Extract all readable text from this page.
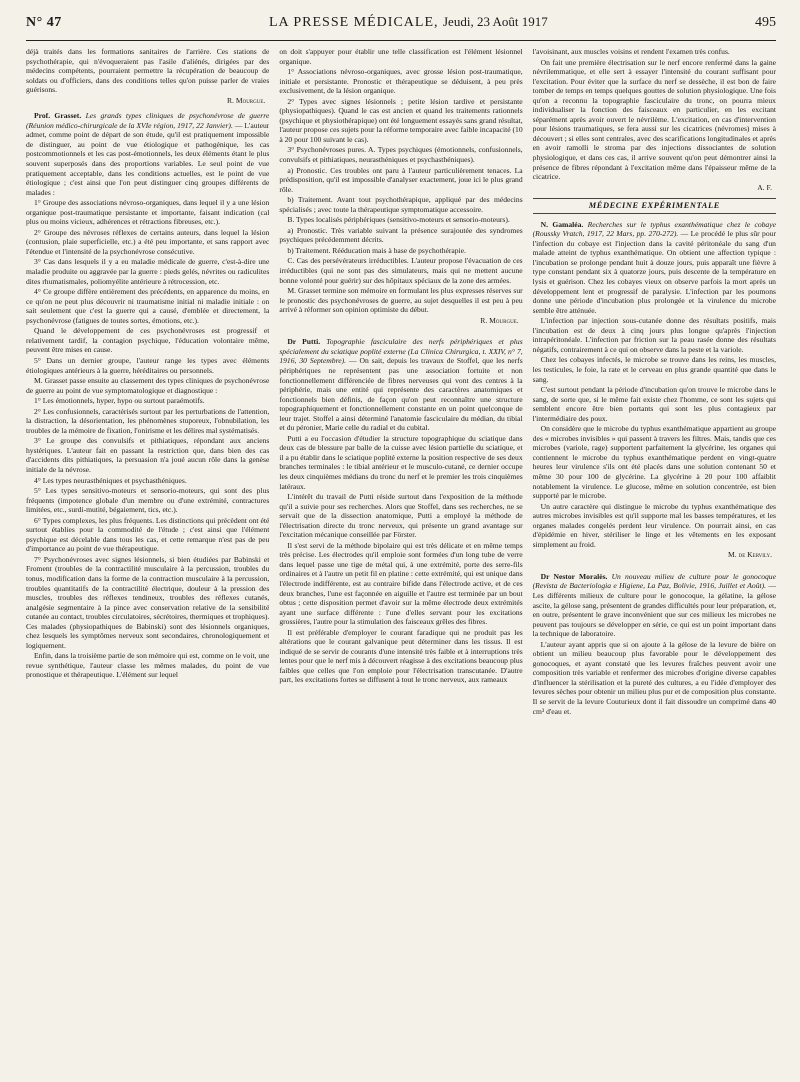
N° 47	LA PRESSE MÉDICALE, Jeudi, 23 Août 1917	495

déjà traités dans les formations sanitaires de l'arrière. Ces stations de psychothérapie, qui n'évoqueraient pas l'asile d'aliénés, dirigées par des médecins compétents, pourraient permettre la récupération de beaucoup de soldats ou d'officiers, dans des conditions telles qu'on puisse parler de vraies guérisons.

R. Mourgue.

Prof. Grasset. Les grands types cliniques de psychonévrose de guerre (Réunion médico-chirurgicale de la XVIe région, 1917, 22 Janvier). — L'auteur admet, comme point de départ de son étude, qu'il est pratiquement impossible de distinguer, au point de vue étiologique et pathogénique, les cas postcommotionnels et les cas post-émotionnels, les deux éléments étant le plus souvent superposés dans des proportions variables. Le seul point de vue pratiquement acceptable, dans les conditions actuelles, est le point de vue étiologique ; c'est ainsi que l'on peut distinguer cinq groupes différents de malades :

1° Groupe des associations névroso-organiques, dans lequel il y a une lésion organique post-traumatique persistante et importante, faisant indication (cal plus ou moins vicieux, adhérences et rétractions fibreuses, etc.).

2° Groupe des névroses réflexes de certains auteurs, dans lequel la lésion (contusion, plaie superficielle, etc.) a été peu importante, et sans rapport avec l'étendue et l'intensité de la psychonévrose consécutive.

3° Cas dans lesquels il y a eu maladie médicale de guerre, c'est-à-dire une maladie produite ou aggravée par la guerre : pieds gelés, névrites ou radiculites dites rhumatismales, poliomyélite antérieure à rétrocession, etc.

4° Ce groupe diffère entièrement des précédents, en apparence du moins, en ce qu'on ne peut plus découvrir ni traumatisme initial ni maladie initiale : on sait seulement que c'est la guerre qui a causé, d'emblée et directement, la psychonévrose (fatigues de toutes sortes, émotions, etc.).

Quand le développement de ces psychonévroses est progressif et relativement tardif, la contagion psychique, l'éducation volontaire même, peuvent être mises en cause.

5° Dans un dernier groupe, l'auteur range les types avec éléments étiologiques antérieurs à la guerre, héréditaires ou personnels.

M. Grasset passe ensuite au classement des types cliniques de psychonévrose de guerre au point de vue symptomatologique et diagnostique :

1° Les émotionnels, hyper, hypo ou surtout paraémotifs.

2° Les confusionnels, caractérisés surtout par les perturbations de l'attention, la distraction, la désorientation, les phénomènes stuporeux, l'obnubilation, les troubles de la mémoire de fixation, l'onirisme et les délires mal systématisés.

3° Le groupe des convulsifs et pithiatiques, répondant aux anciens hystériques. L'auteur fait en passant la restriction que, dans bien des cas d'accidents dits pithiatiques, la persuasion n'a joué aucun rôle dans la genèse initiale de la névrose.

4° Les types neurasthéniques et psychasthéniques.

5° Les types sensitivo-moteurs et sensorio-moteurs, qui sont des plus fréquents (impotence globale d'un membre ou d'une extrémité, contractures limitées, etc., surdi-mutité, bégaiement, tics, etc.).

6° Types complexes, les plus fréquents. Les distinctions qui précèdent ont été surtout établies pour la commodité de l'étude ; c'est ainsi que l'élément psychique est décelable dans tous les cas, et cette remarque n'est pas de peu d'importance au point de vue thérapeutique.

7° Psychonévroses avec signes lésionnels, si bien étudiées par Babinski et Froment (troubles de la contractilité musculaire à la percussion, troubles du tonus, modification dans la forme de la contraction musculaire à la percussion, troubles quantitatifs de la contractilité électrique, douleur à la pression des muscles, troubles des réflexes tendineux, troubles des réflexes cutanés, analgésie segmentaire à la pince avec conservation relative de la sensibilité cutanée au contact, troubles circulatoires, sécrétoires, thermiques et trophiques). Ces malades (physiopathiques de Babinski) sont des lésionnels organiques, chez lesquels les symptômes nerveux sont secondaires, chronologiquement et logiquement.

Enfin, dans la troisième partie de son mémoire qui est, comme on le voit, une revue synthétique, l'auteur classe les mêmes malades, du point de vue pronostique et thérapeutique. L'élément sur lequel

on doit s'appuyer pour établir une telle classification est l'élément lésionnel organique.

1° Associations névroso-organiques, avec grosse lésion post-traumatique, initiale et persistante. Pronostic et thérapeutique se déduisent, à peu près exclusivement, de la lésion organique.

2° Types avec signes lésionnels ; petite lésion tardive et persistante (physiopathiques). Quand le cas est ancien et quand les traitements rationnels (psychique et physiothérapique) ont été longuement essayés sans grand résultat, l'auteur propose ces sujets pour la réforme temporaire avec faible incapacité (10 à 20 pour 100 suivant le cas).

3° Psychonévroses pures. A. Types psychiques (émotionnels, confusionnels, convulsifs et pithiatiques, neurasthéniques et psychasthéniques).

a) Pronostic. Ces troubles ont paru à l'auteur particulièrement tenaces. La prédisposition, qu'il est impossible d'analyser exactement, joue ici le plus grand rôle.

b) Traitement. Avant tout psychothérapique, appliqué par des médecins spécialisés ; avec toute la thérapeutique symptomatique accessoire.

B. Types localisés périphériques (sensitivo-moteurs et sensorio-moteurs).

a) Pronostic. Très variable suivant la présence surajoutée des syndromes psychiques précédemment décrits.

b) Traitement. Rééducation mais à base de psychothérapie.

C. Cas des persévérateurs irréductibles. L'auteur propose l'évacuation de ces irréductibles (qui ne sont pas des simulateurs, mais qui ne mettent aucune bonne volonté pour guérir) sur des hôpitaux spéciaux de la zone des armées.

M. Grasset termine son mémoire en formulant les plus expresses réserves sur le pronostic des psychonévroses de guerre, au sujet desquelles il est peu à peu arrivé à réformer son opinion optimiste du début.

R. Mourgue.

Dr Putti. Topographie fasciculaire des nerfs périphériques et plus spécialement du sciatique poplité externe (La Clinica Chirurgica, t. XXIV, n° 7, 1916, 30 Septembre). — On sait, depuis les travaux de Stoffel, que les nerfs périphériques ne représentent pas une association fortuite et non fonctionnellement différenciée de fibres nerveuses qui vont des centres à la périphérie, mais une entité qui représente des caractères anatomiques et fonctionnels bien définis, de façon qu'on peut reconnaître une structure topographiquement et fonctionnellement constante en un point quelconque de leur trajet. Stoffel a ainsi déterminé l'anatomie fasciculaire du médian, du tibial et du péronier, Marie celle du radial et du cubital.

Putti a eu l'occasion d'étudier la structure topographique du sciatique dans deux cas de blessure par balle de la cuisse avec lésion partielle du sciatique, et il a pu établir dans le sciatique poplité externe la position respective de ses deux branches terminales : le tibial antérieur et le musculo-cutané, ce dernier occupe les deux cinquièmes médians du tronc du nerf et le premier les trois cinquièmes latéraux.

L'intérêt du travail de Putti réside surtout dans l'exposition de la méthode qu'il a suivie pour ses recherches. Alors que Stoffel, dans ses recherches, ne se servait que de la dissection anatomique, Putti a employé la méthode de l'électrisation directe du tronc nerveux, qui présente un grand avantage sur l'excitation mécanique conseillée par Förster.

Il s'est servi de la méthode bipolaire qui est très délicate et en même temps très précise. Les électrodes qu'il emploie sont formées d'un long tube de verre dans lequel passe une tige de métal qui, à une extrémité, porte des serre-fils ordinaires et à l'autre un petit fil en platine : cette extrémité, qui est unique dans l'électrode indifférente, est au contraire bifide dans l'électrode active, et de ces deux branches, l'une est façonnée en aiguille et l'autre est terminée par un bout obtus ; cette disposition permet d'avoir sur la même électrode deux extrémités ayant une surface différente : l'une d'elles servant pour les excitations grossières, l'autre pour la stimulation des faisceaux grêles des fibres.

Il est préférable d'employer le courant faradique qui ne produit pas les altérations que le courant galvanique peut déterminer dans les tissus. Il est indiqué de se servir de courants d'une intensité très faible et à interruptions très lentes pour que le nerf mis à découvert réagisse à des excitations beaucoup plus faibles que celles que l'on emploie pour l'électrisation transcutanée. D'autre part, les excitations fortes se diffusent à tout le tronc nerveux, aux rameaux

l'avoisinant, aux muscles voisins et rendent l'examen très confus.

On fait une première électrisation sur le nerf encore renfermé dans la gaine névrilemmatique, et elle sert à essayer l'intensité du courant suffisant pour l'excitation. Pour éviter que la surface du nerf se dessèche, il est bon de faire tomber de temps en temps quelques gouttes de solution physiologique. Une fois qu'on a reconnu la topographie fasciculaire du tronc, on pourra mieux individualiser la fonction des faisceaux en particulier, en les excitant séparément après avoir ouvert le névrilème. L'excitation, en cas d'intervention pour lésions traumatiques, se fera aussi sur les cicatrices (névromes) mises à découvert ; si elles sont centrales, avec des scarifications longitudinales et après en avoir ramolli le stroma par des injections dissociantes de solution physiologique, et dans ces cas, il arrive souvent qu'on peut démontrer ainsi la présence de fibres répondant à l'excitation même dans l'épaisseur même de la cicatrice.

A. F.

MÉDECINE EXPÉRIMENTALE

N. Gamaléa. Recherches sur le typhus exanthématique chez le cobaye (Roussky Vratch, 1917, 22 Mars, pp. 270-272). — Le procédé le plus sûr pour l'infection du cobaye est l'injection dans la cavité péritonéale du sang d'un malade atteint de typhus exanthématique. On obtient une affection typique : l'incubation se prolonge pendant huit à douze jours, puis apparaît une fièvre à type constant pendant six à quatorze jours, puis descente de la température en lysis et guérison. Chez les cobayes vieux on observe parfois la mort après un développement lent et progressif de paralysie. L'infection par les poumons donne une période d'incubation plus prolongée et la virulence du microbe semble être atténuée.

L'infection par injection sous-cutanée donne des résultats positifs, mais l'incubation est de deux à cinq jours plus longue qu'après l'injection intrapéritonéale. L'infection par friction sur la peau rasée donne des résultats négatifs, contrairement à ce qui on observe dans la peste et la variole.

Chez les cobayes infectés, le microbe se trouve dans les reins, les muscles, les testicules, le foie, la rate et le cerveau en plus grande quantité que dans le sang.

C'est surtout pendant la période d'incubation qu'on trouve le microbe dans le sang, de sorte que, si le même fait existe chez l'homme, ce sont les sujets qui semblent encore être bien portants qui sont les plus contagieux par l'intermédiaire des poux.

On considère que le microbe du typhus exanthématique appartient au groupe des « microbes invisibles » qui passent à travers les filtres. Mais, tandis que ces microbes (variole, rage) supportent parfaitement la glycérine, les organes qui contiennent le microbe du typhus exanthématique perdent en vingt-quatre heures leur virulence s'ils ont été placés dans une solution contenant 50 et même 30 pour 100 de glycérine. La glycérine à 20 pour 100 affaiblit notablement la virulence. Le glucose, même en solution concentrée, est bien supporté par le microbe.

Un autre caractère qui distingue le microbe du typhus exanthématique des autres microbes invisibles est qu'il supporte mal les basses températures, et les organes malades congelés perdent leur virulence. On pourrait ainsi, en cas d'épidémie en hiver, stériliser le linge et les vêtements en les exposant simplement au froid.

M. de Kervily.

Dr Nestor Moralès. Un nouveau milieu de culture pour le gonocoque (Revista de Bacteriologia e Higiene, La Paz, Bolivie, 1916, Juillet et Août). — Les différents milieux de culture pour le gonocoque, la gélatine, la gélose ascite, la gélose sang, présentent de grandes difficultés pour leur préparation, et, en outre, présentent le grave inconvénient que sur ces milieux les microbes ne peuvent pas toujours se développer en série, ce qui est un point important dans la technique de laboratoire.

L'auteur ayant appris que si on ajoute à la gélose de la levure de bière on obtient un milieu beaucoup plus favorable pour le développement des gonocoques, et ayant constaté que les levures fraîches peuvent avoir une composition très variable et renfermer des microbes d'origine diverse capables d'influencer la stérilisation et la pureté des cultures, a eu l'idée d'employer des levures sèches pour obtenir un milieu plus pur et de composition plus constante. Il se servit de la levure Couturieux dont il fait dissoudre un comprimé dans 40 cm³ d'eau et.
